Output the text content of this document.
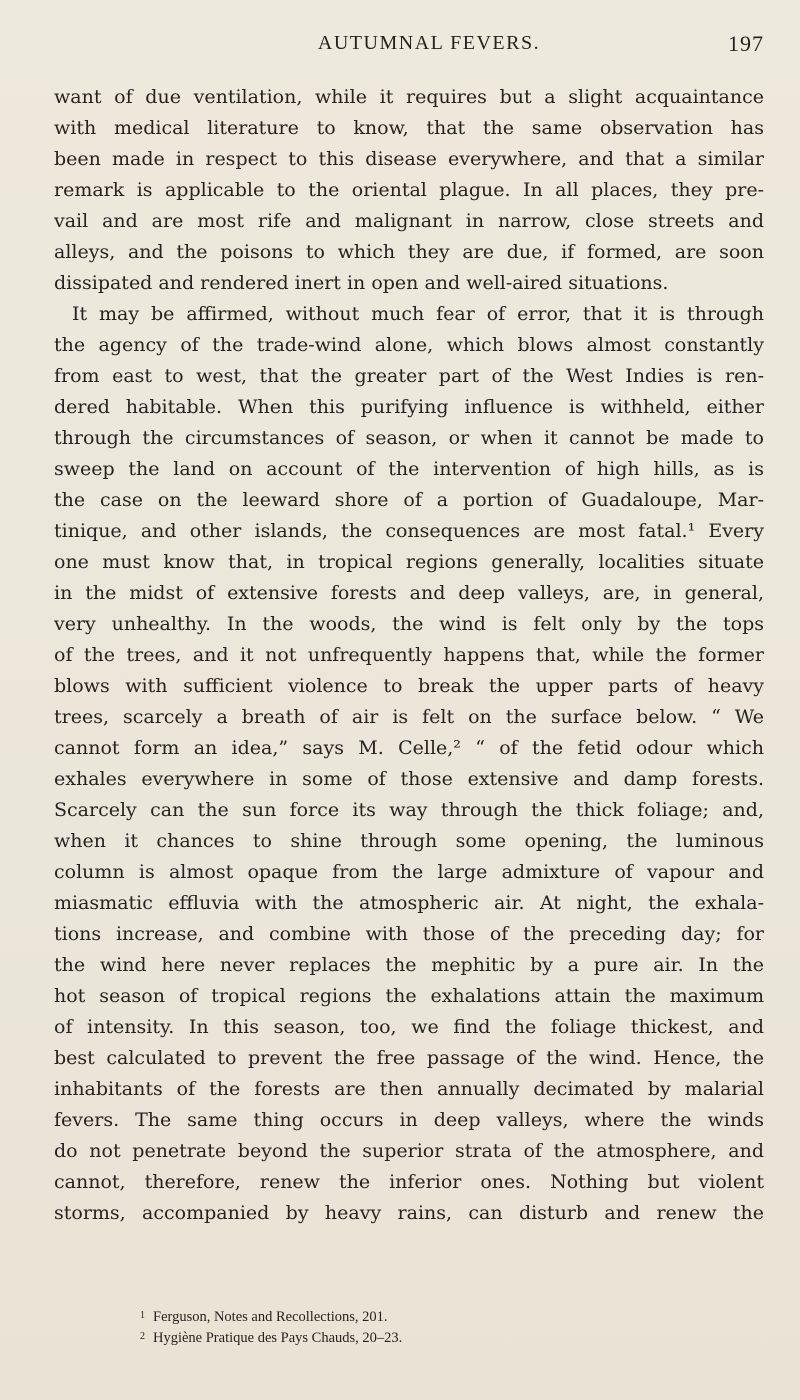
AUTUMNAL FEVERS.	197
want of due ventilation, while it requires but a slight acquaintance
with medical literature to know, that the same observation has
been made in respect to this disease everywhere, and that a similar
remark is applicable to the oriental plague. In all places, they pre-
vail and are most rife and malignant in narrow, close streets and
alleys, and the poisons to which they are due, if formed, are soon
dissipated and rendered inert in open and well-aired situations.
It may be affirmed, without much fear of error, that it is through
the agency of the trade-wind alone, which blows almost constantly
from east to west, that the greater part of the West Indies is ren-
dered habitable. When this purifying influence is withheld, either
through the circumstances of season, or when it cannot be made to
sweep the land on account of the intervention of high hills, as is
the case on the leeward shore of a portion of Guadaloupe, Mar-
tinique, and other islands, the consequences are most fatal.¹ Every
one must know that, in tropical regions generally, localities situate
in the midst of extensive forests and deep valleys, are, in general,
very unhealthy. In the woods, the wind is felt only by the tops
of the trees, and it not unfrequently happens that, while the former
blows with sufficient violence to break the upper parts of heavy
trees, scarcely a breath of air is felt on the surface below. “ We
cannot form an idea,” says M. Celle,² “ of the fetid odour which
exhales everywhere in some of those extensive and damp forests.
Scarcely can the sun force its way through the thick foliage; and,
when it chances to shine through some opening, the luminous
column is almost opaque from the large admixture of vapour and
miasmatic effluvia with the atmospheric air. At night, the exhala-
tions increase, and combine with those of the preceding day; for
the wind here never replaces the mephitic by a pure air. In the
hot season of tropical regions the exhalations attain the maximum
of intensity. In this season, too, we find the foliage thickest, and
best calculated to prevent the free passage of the wind. Hence, the
inhabitants of the forests are then annually decimated by malarial
fevers. The same thing occurs in deep valleys, where the winds
do not penetrate beyond the superior strata of the atmosphere, and
cannot, therefore, renew the inferior ones. Nothing but violent
storms, accompanied by heavy rains, can disturb and renew the
$^1$ Ferguson, Notes and Recollections, 201.
$^2$ Hygiène Pratique des Pays Chauds, 20–23.
